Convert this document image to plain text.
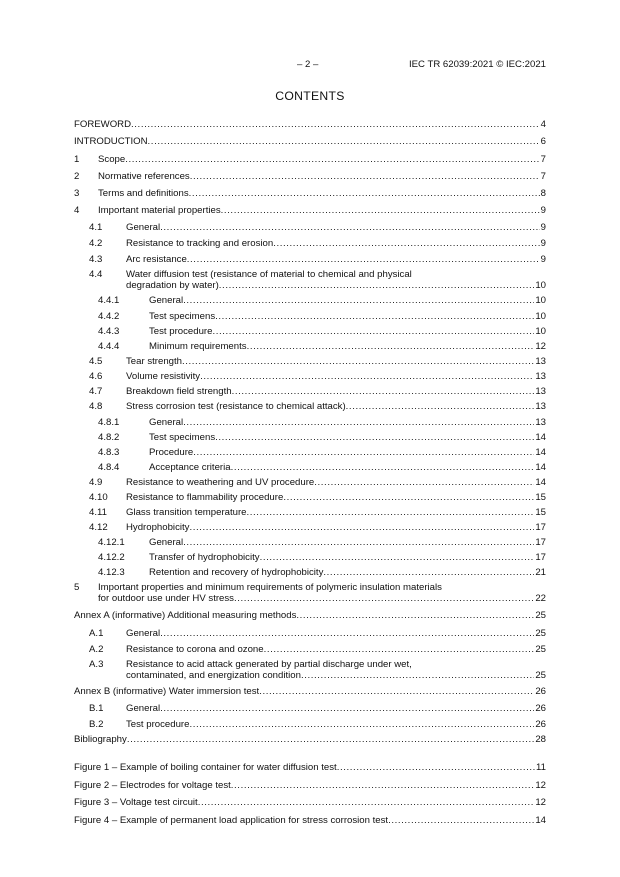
– 2 –	IEC TR 62039:2021 © IEC:2021
CONTENTS
FOREWORD .....	4
INTRODUCTION .....	6
1 Scope .....	7
2 Normative references .....	7
3 Terms and definitions .....	8
4 Important material properties .....	9
4.1 General .....	9
4.2 Resistance to tracking and erosion .....	9
4.3 Arc resistance .....	9
4.4 Water diffusion test (resistance of material to chemical and physical
degradation by water) .....	10
4.4.1	General .....	10
4.4.2	Test specimens .....	10
4.4.3	Test procedure .....	10
4.4.4	Minimum requirements .....	12
4.5 Tear strength .....	13
4.6 Volume resistivity .....	13
4.7 Breakdown field strength .....	13
4.8 Stress corrosion test (resistance to chemical attack) .....	13
4.8.1	General .....	13
4.8.2	Test specimens .....	14
4.8.3	Procedure .....	14
4.8.4	Acceptance criteria .....	14
4.9 Resistance to weathering and UV procedure .....	14
4.10 Resistance to flammability procedure .....	15
4.11 Glass transition temperature .....	15
4.12 Hydrophobicity .....	17
4.12.1	General .....	17
4.12.2	Transfer of hydrophobicity .....	17
4.12.3	Retention and recovery of hydrophobicity .....	21
5 Important properties and minimum requirements of polymeric insulation materials
for outdoor use under HV stress .....	22
Annex A (informative) Additional measuring methods .....	25
A.1 General .....	25
A.2 Resistance to corona and ozone .....	25
A.3 Resistance to acid attack generated by partial discharge under wet,
contaminated, and energization condition .....	25
Annex B (informative) Water immersion test .....	26
B.1 General .....	26
B.2 Test procedure .....	26
Bibliography .....	28
Figure 1 – Example of boiling container for water diffusion test .....	11
Figure 2 – Electrodes for voltage test .....	12
Figure 3 – Voltage test circuit .....	12
Figure 4 – Example of permanent load application for stress corrosion test .....	14
